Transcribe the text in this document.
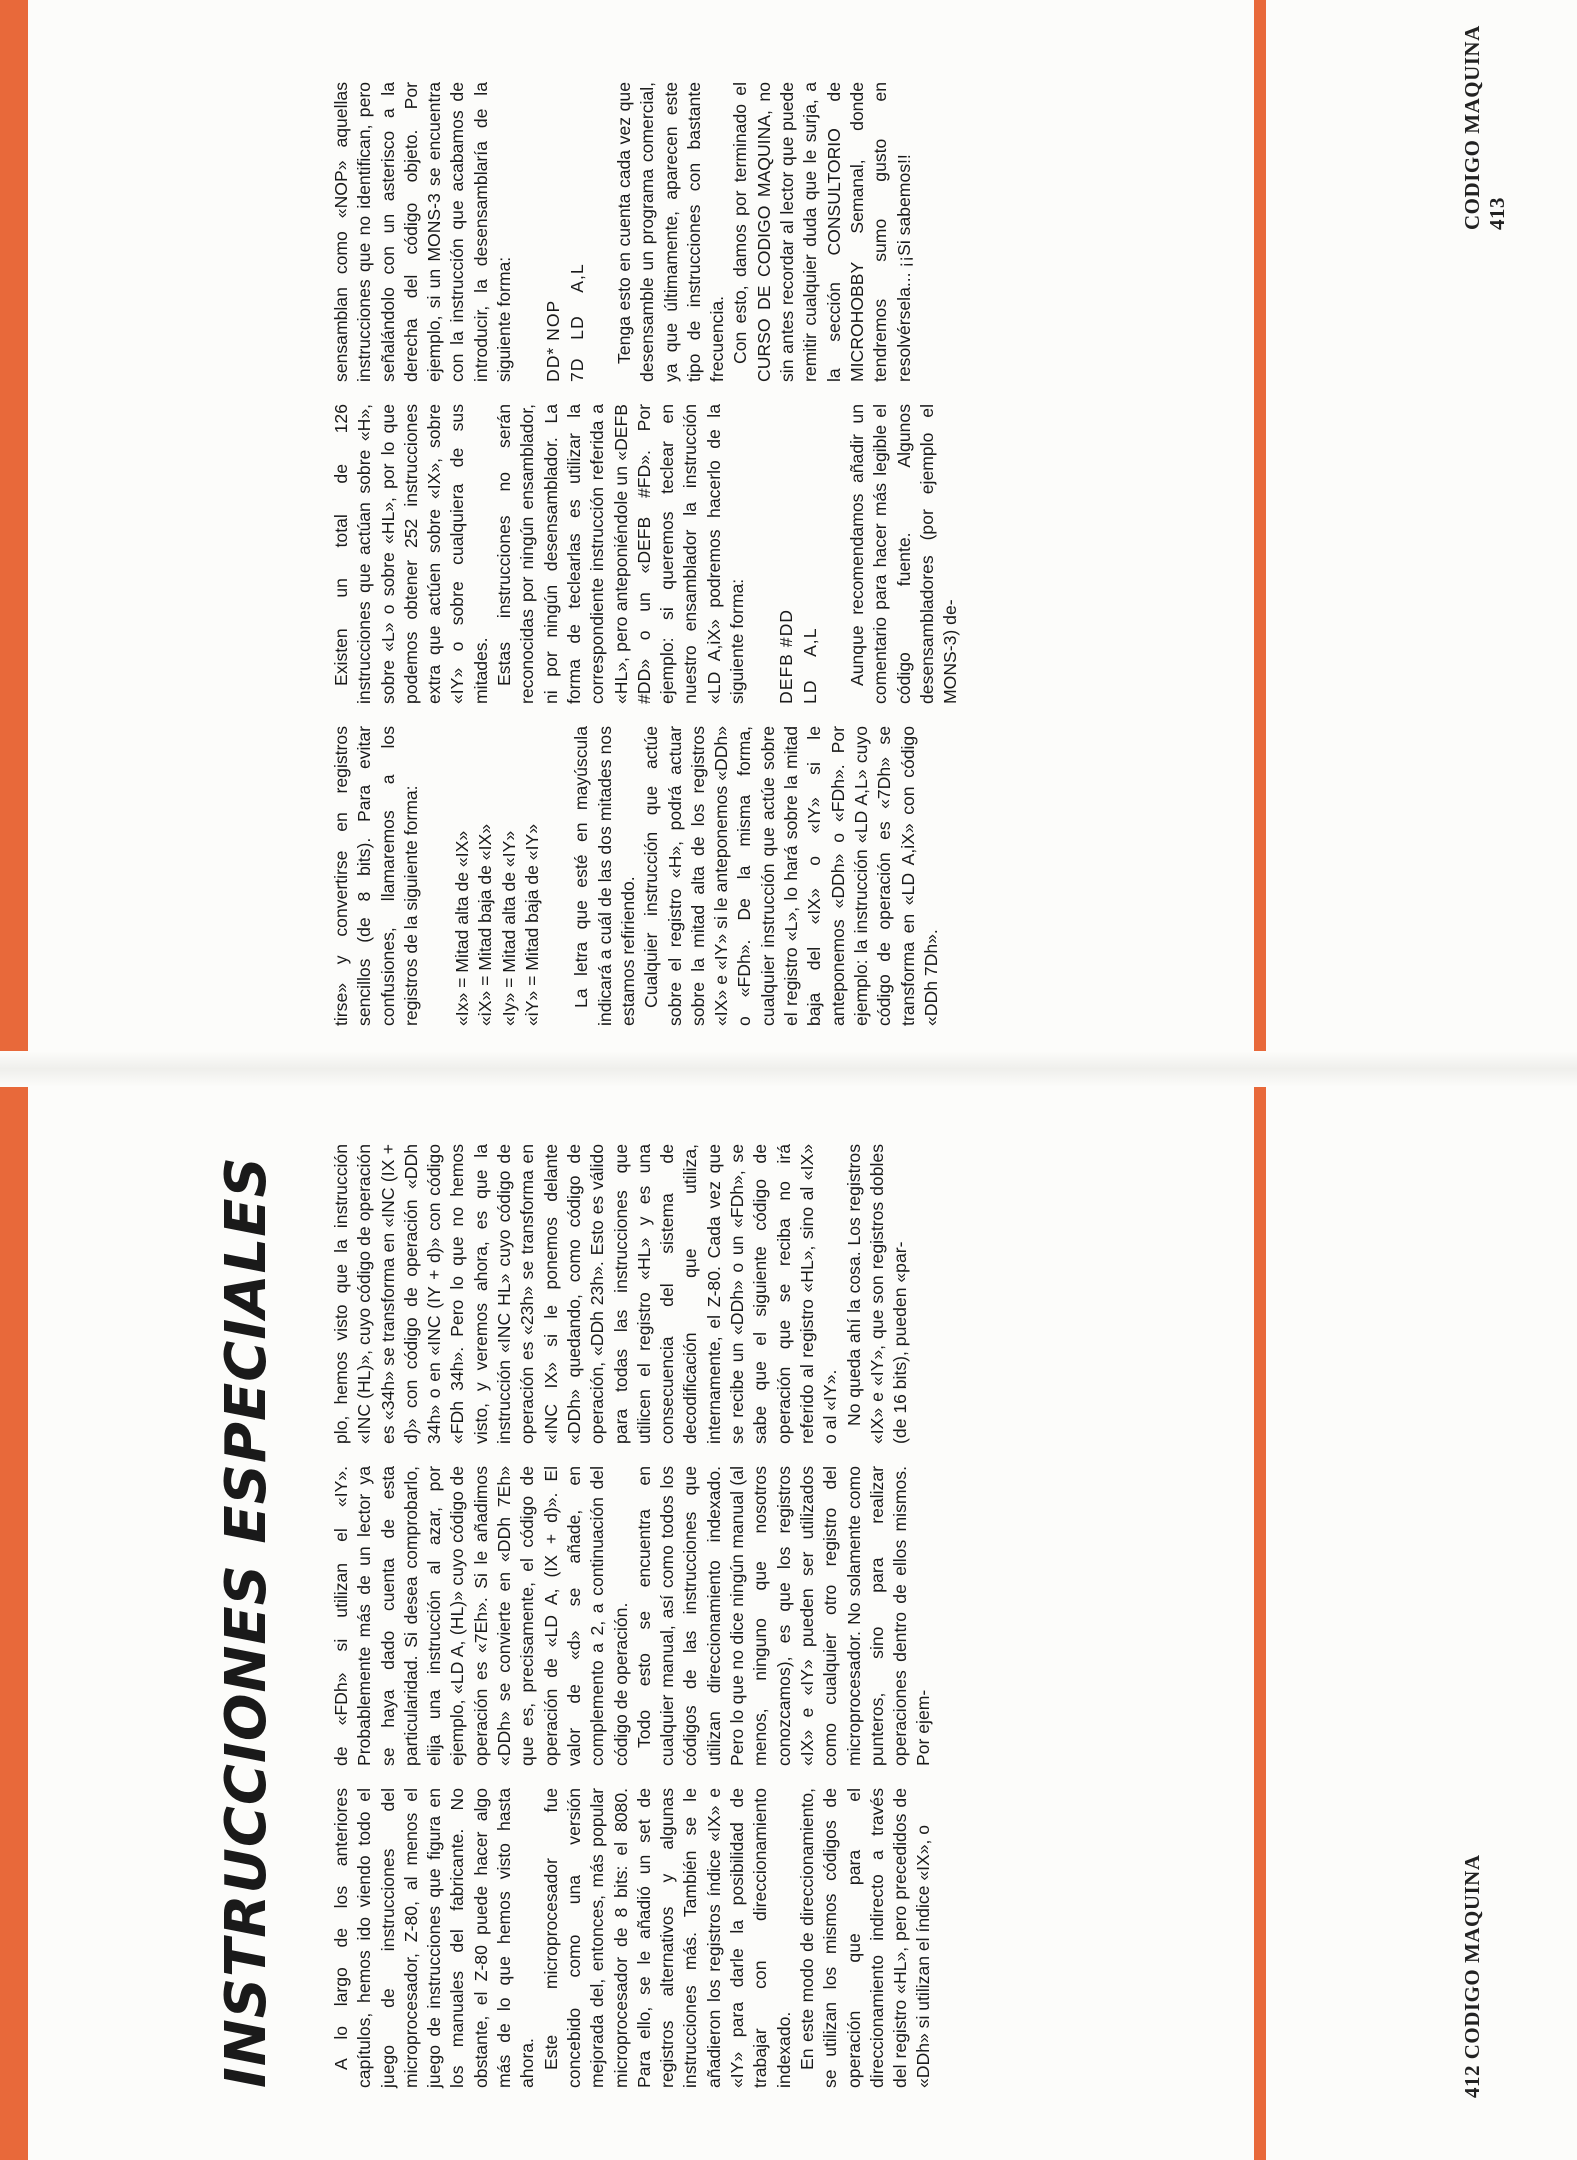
412 CODIGO MAQUINA
CODIGO MAQUINA 413
INSTRUCCIONES ESPECIALES	A lo largo de los anteriores capítulos, hemos ido viendo todo el juego de instrucciones del microprocesador, Z-80, al menos el juego de instrucciones que figura en los manuales del fabricante. No obstante, el Z-80 puede hacer algo más de lo que hemos visto hasta ahora. Este microprocesador fue concebido como una versión mejorada del, entonces, más popular microprocesador de 8 bits: el 8080. Para ello, se le añadió un set de registros alternativos y algunas instrucciones más. También se le añadieron los registros índice «IX» e «IY» para darle la posibilidad de trabajar con direccionamiento indexado. En este modo de direccionamiento, se utilizan los mismos códigos de operación que para el direccionamiento indirecto a través del registro «HL», pero precedidos de «DDh» si utilizan el índice «IX», o

de «FDh» si utilizan el «IY». Probablemente más de un lector ya se haya dado cuenta de esta particularidad. Si desea comprobarlo, elija una instrucción al azar, por ejemplo, «LD A, (HL)» cuyo código de operación es «7Eh». Si le añadimos «DDh» se convierte en «DDh 7Eh» que es, precisamente, el código de operación de «LD A, (IX + d)». El valor de «d» se añade, en complemento a 2, a continuación del código de operación. Todo esto se encuentra en cualquier manual, así como todos los códigos de las instrucciones que utilizan direccionamiento indexado. Pero lo que no dice ningún manual (al menos, ninguno que nosotros conozcamos), es que los registros «IX» e «IY» pueden ser utilizados como cualquier otro registro del microprocesador. No solamente como punteros, sino para realizar operaciones dentro de ellos mismos. Por ejem-

plo, hemos visto que la instrucción «INC (HL)», cuyo código de operación es «34h» se transforma en «INC (IX + d)» con código de operación «DDh 34h» o en «INC (IY + d)» con código «FDh 34h». Pero lo que no hemos visto, y veremos ahora, es que la instrucción «INC HL» cuyo código de operación es «23h» se transforma en «INC IX» si le ponemos delante «DDh» quedando, como código de operación, «DDh 23h». Esto es válido para todas las instrucciones que utilicen el registro «HL» y es una consecuencia del sistema de decodificación que utiliza, internamente, el Z-80. Cada vez que se recibe un «DDh» o un «FDh», se sabe que el siguiente código de operación que se reciba no irá referido al registro «HL», sino al «IX» o al «IY». No queda ahí la cosa. Los registros «IX» e «IY», que son registros dobles (de 16 bits), pueden «par-

tirse» y convertirse en registros sencillos (de 8 bits). Para evitar confusiones, llamaremos a los registros de la siguiente forma: «Ix» = Mitad alta de «IX» «iX» = Mitad baja de «IX» «Iy» = Mitad alta de «IY» «iY» = Mitad baja de «IY» La letra que esté en mayúscula indicará a cuál de las dos mitades nos estamos refiriendo. Cualquier instrucción que actúe sobre el registro «H», podrá actuar sobre la mitad alta de los registros «IX» e «IY» si le anteponemos «DDh» o «FDh». De la misma forma, cualquier instrucción que actúe sobre el registro «L», lo hará sobre la mitad baja del «IX» o «IY» si le anteponemos «DDh» o «FDh». Por ejemplo: la instrucción «LD A,L» cuyo código de operación es «7Dh» se transforma en «LD A,iX» con código «DDh 7Dh».

Existen un total de 126 instrucciones que actúan sobre «H», sobre «L» o sobre «HL», por lo que podemos obtener 252 instrucciones extra que actúen sobre «IX», sobre «IY» o sobre cualquiera de sus mitades. Estas instrucciones no serán reconocidas por ningún ensamblador, ni por ningún desensamblador. La forma de teclearlas es utilizar la correspondiente instrucción referida a «HL», pero anteponiéndole un «DEFB #DD» o un «DEFB #FD». Por ejemplo: si queremos teclear en nuestro ensamblador la instrucción «LD A,iX» podremos hacerlo de la siguiente forma: DEFB #DD LD    A,L Aunque recomendamos añadir un comentario para hacer más legible el código fuente. Algunos desensambladores (por ejemplo el MONS-3) de-

sensamblan como «NOP» aquellas instrucciones que no identifican, pero señalándolo con un asterisco a la derecha del código objeto. Por ejemplo, si un MONS-3 se encuentra con la instrucción que acabamos de introducir, la desensamblaría de la siguiente forma: DD* NOP 7D   LD    A,L Tenga esto en cuenta cada vez que desensamble un programa comercial, ya que últimamente, aparecen este tipo de instrucciones con bastante frecuencia. Con esto, damos por terminado el CURSO DE CODIGO MAQUINA, no sin antes recordar al lector que puede remitir cualquier duda que le surja, a la sección CONSULTORIO de MICROHOBBY Semanal, donde tendremos sumo gusto en resolvérsela... ¡¡Si sabemos!!
